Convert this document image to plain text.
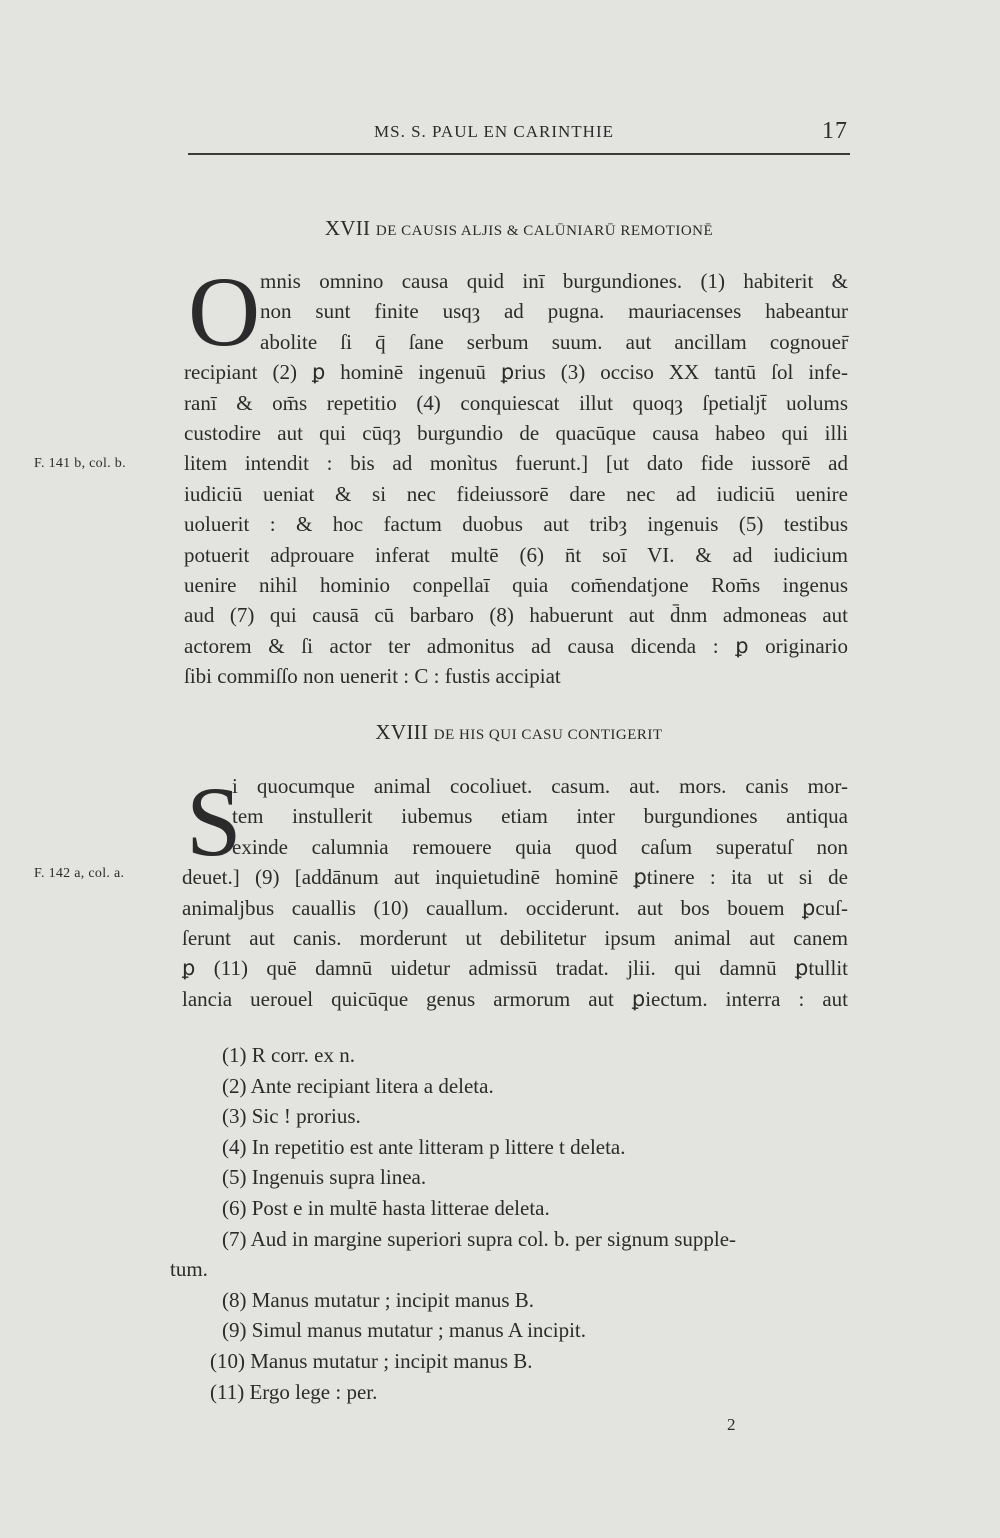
MS. S. PAUL EN CARINTHIE	17
XVII DE CAUSIS ALJIS & CALŪNIARŪ REMOTIONĒ
O mnis omnino causa quid inī burgundiones. (1) habiterit &
non sunt finite usqȝ ad pugna. mauriacenses habeantur
abolite ſi q̄ ſane serbum suum. aut ancillam cognouer̄
recipiant (2) ꝑ hominē ingenuū ꝑrius (3) occiso XX tantū ſol infe-
ranī & om̄s repetitio (4) conquiescat illut quoqȝ ſpetialjt̄ uolums
custodire aut qui cūqȝ burgundio de quacūque causa habeo qui illi
litem intendit : bis ad monìtus fuerunt.] [ut dato fide iussorē ad
iudiciū ueniat & si nec fideiussorē dare nec ad iudiciū uenire
uoluerit : & hoc factum duobus aut tribȝ ingenuis (5) testibus
potuerit adprouare inferat multē (6) n̄t soī VI. & ad iudicium
uenire nihil hominio conpellaī quia com̄endatjone Rom̄s ingenus
aud (7) qui causā cū barbaro (8) habuerunt aut d̄nm admoneas aut
actorem & ſi actor ter admonitus ad causa dicenda : ꝑ originario
ſibi commiſſo non uenerit : C : fustis accipiat
F. 141 b, col. b.
XVIII DE HIS QUI CASU CONTIGERIT
S
i quocumque animal cocoliuet. casum. aut. mors. canis mor-
tem instullerit iubemus etiam inter burgundiones antiqua
exinde calumnia remouere quia quod caſum superatuſ non
deuet.] (9) [addānum aut inquietudinē hominē ꝑtinere : ita ut si de
animaljbus cauallis (10) cauallum. occiderunt. aut bos bouem ꝑcuſ-
ſerunt aut canis. morderunt ut debilitetur ipsum animal aut canem
ꝑ (11) quē damnū uidetur admissū tradat. jlii. qui damnū ꝑtullit
lancia uerouel quicūque genus armorum aut ꝑiectum. interra : aut
F. 142 a, col. a.
(1) R corr. ex n.
(2) Ante recipiant litera a deleta.
(3) Sic ! prorius.
(4) In repetitio est ante litteram p littere t deleta.
(5) Ingenuis supra linea.
(6) Post e in multē hasta litterae deleta.
(7) Aud in margine superiori supra col. b. per signum supple-
tum.
(8) Manus mutatur ; incipit manus B.
(9) Simul manus mutatur ; manus A incipit.
(10) Manus mutatur ; incipit manus B.
(11) Ergo lege : per.
2
